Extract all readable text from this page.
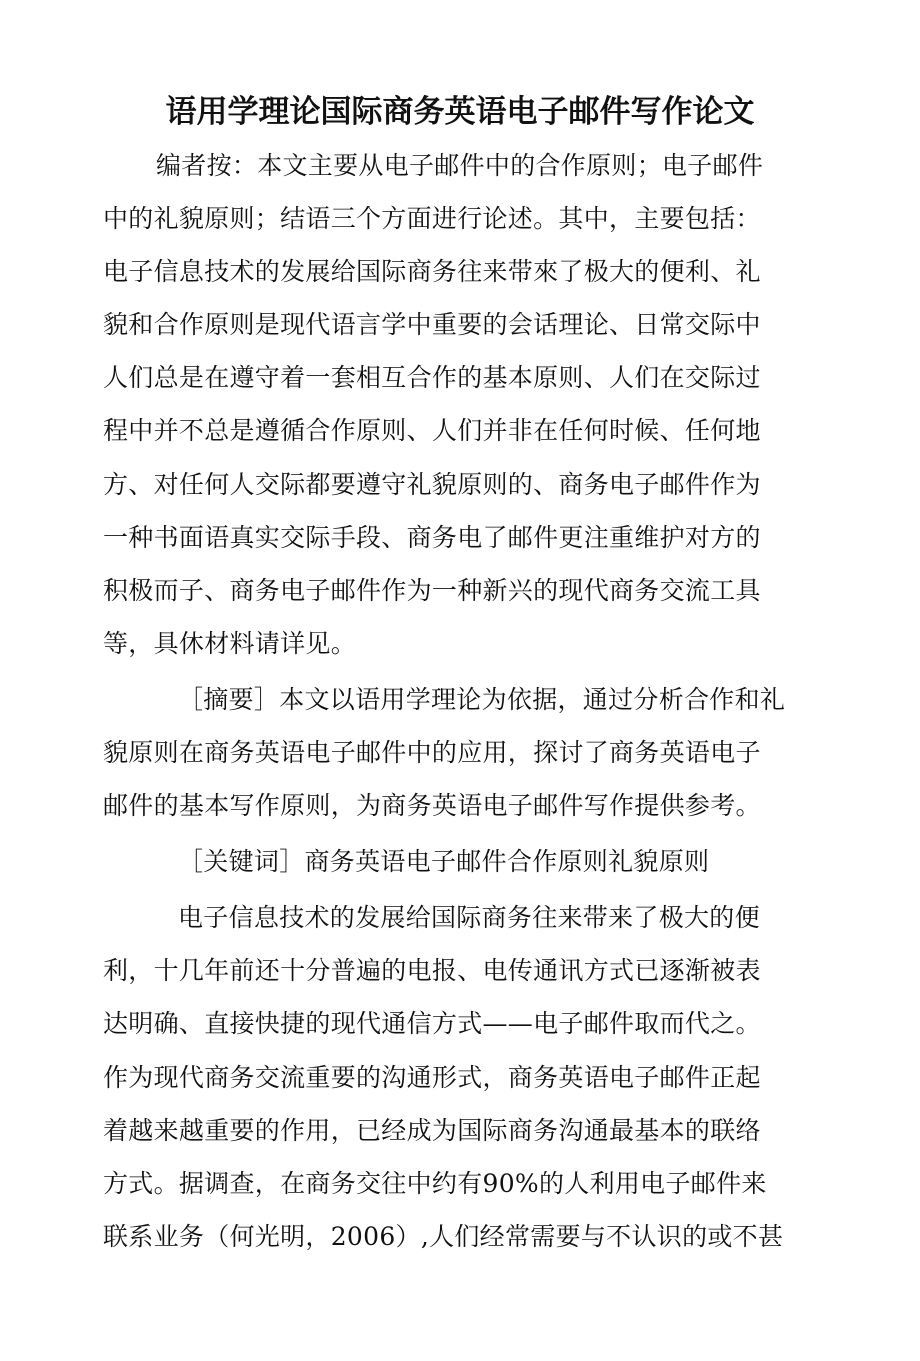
语用学理论国际商务英语电子邮件写作论文
编者按：本文主要从电子邮件中的合作原则；电子邮件
中的礼貌原则；结语三个方面进行论述。其中，主要包括：
电子信息技术的发展给国际商务往来带來了极大的便利、礼
貌和合作原则是现代语言学中重要的会话理论、日常交际中
人们总是在遵守着一套相互合作的基本原则、人们在交际过
程中并不总是遵循合作原则、人们并非在任何时候、任何地
方、对任何人交际都要遵守礼貌原则的、商务电子邮件作为
一种书面语真实交际手段、商务电了邮件更注重维护对方的
积极而子、商务电子邮件作为一种新兴的现代商务交流工具
等，具休材料请详见。
［摘要］本文以语用学理论为依据，通过分析合作和礼
貌原则在商务英语电子邮件中的应用，探讨了商务英语电子
邮件的基本写作原则，为商务英语电子邮件写作提供参考。
［关键词］商务英语电子邮件合作原则礼貌原则
电子信息技术的发展给国际商务往来带来了极大的便
利，十几年前还十分普遍的电报、电传通讯方式已逐渐被表
达明确、直接快捷的现代通信方式——电子邮件取而代之。
作为现代商务交流重要的沟通形式，商务英语电子邮件正起
着越来越重要的作用，已经成为国际商务沟通最基本的联络
方式。据调查，在商务交往中约有90%的人利用电子邮件来
联系业务（何光明，2006）,人们经常需要与不认识的或不甚
